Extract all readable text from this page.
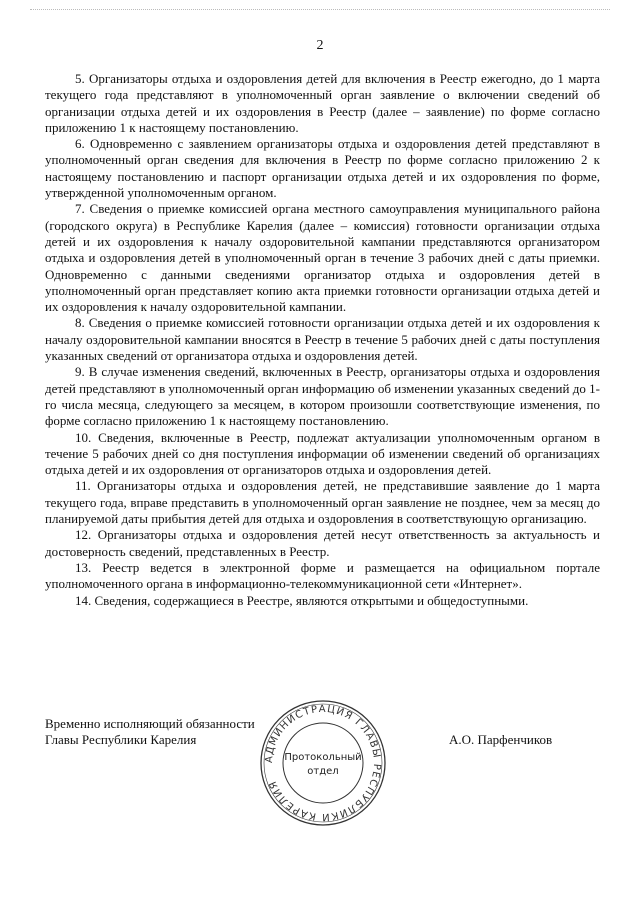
2

5. Организаторы отдыха и оздоровления детей для включения в Реестр ежегодно, до 1 марта текущего года представляют в уполномоченный орган заявление о включении сведений об организации отдыха детей и их оздоровления в Реестр (далее – заявление) по форме согласно приложению 1 к настоящему постановлению.

6. Одновременно с заявлением организаторы отдыха и оздоровления детей представляют в уполномоченный орган сведения для включения в Реестр по форме согласно приложению 2 к настоящему постановлению и паспорт организации отдыха детей и их оздоровления по форме, утвержденной уполномоченным органом.

7. Сведения о приемке комиссией органа местного самоуправления муниципального района (городского округа) в Республике Карелия (далее – комиссия) готовности организации отдыха детей и их оздоровления к началу оздоровительной кампании представляются организатором отдыха и оздоровления детей в уполномоченный орган в течение 3 рабочих дней с даты приемки. Одновременно с данными сведениями организатор отдыха и оздоровления детей в уполномоченный орган представляет копию акта приемки готовности организации отдыха детей и их оздоровления к началу оздоровительной кампании.

8. Сведения о приемке комиссией готовности организации отдыха детей и их оздоровления к началу оздоровительной кампании вносятся в Реестр в течение 5 рабочих дней с даты поступления указанных сведений от организатора отдыха и оздоровления детей.

9. В случае изменения сведений, включенных в Реестр, организаторы отдыха и оздоровления детей представляют в уполномоченный орган информацию об изменении указанных сведений до 1-го числа месяца, следующего за месяцем, в котором произошли соответствующие изменения, по форме согласно приложению 1 к настоящему постановлению.

10. Сведения, включенные в Реестр, подлежат актуализации уполномоченным органом в течение 5 рабочих дней со дня поступления информации об изменении сведений об организациях отдыха детей и их оздоровления от организаторов отдыха и оздоровления детей.

11. Организаторы отдыха и оздоровления детей, не представившие заявление до 1 марта текущего года, вправе представить в уполномоченный орган заявление не позднее, чем за месяц до планируемой даты прибытия детей для отдыха и оздоровления в соответствующую организацию.

12. Организаторы отдыха и оздоровления детей несут ответственность за актуальность и достоверность сведений, представленных в Реестр.

13. Реестр ведется в электронной форме и размещается на официальном портале уполномоченного органа в информационно-телекоммуникационной сети «Интернет».

14. Сведения, содержащиеся в Реестре, являются открытыми и общедоступными.

Временно исполняющий обязанности
Главы Республики Карелия
АДМИНИСТРАЦИЯ ГЛАВЫ РЕСПУБЛИКИ КАРЕЛИЯ
Протокольный
отдел
А.О. Парфенчиков
